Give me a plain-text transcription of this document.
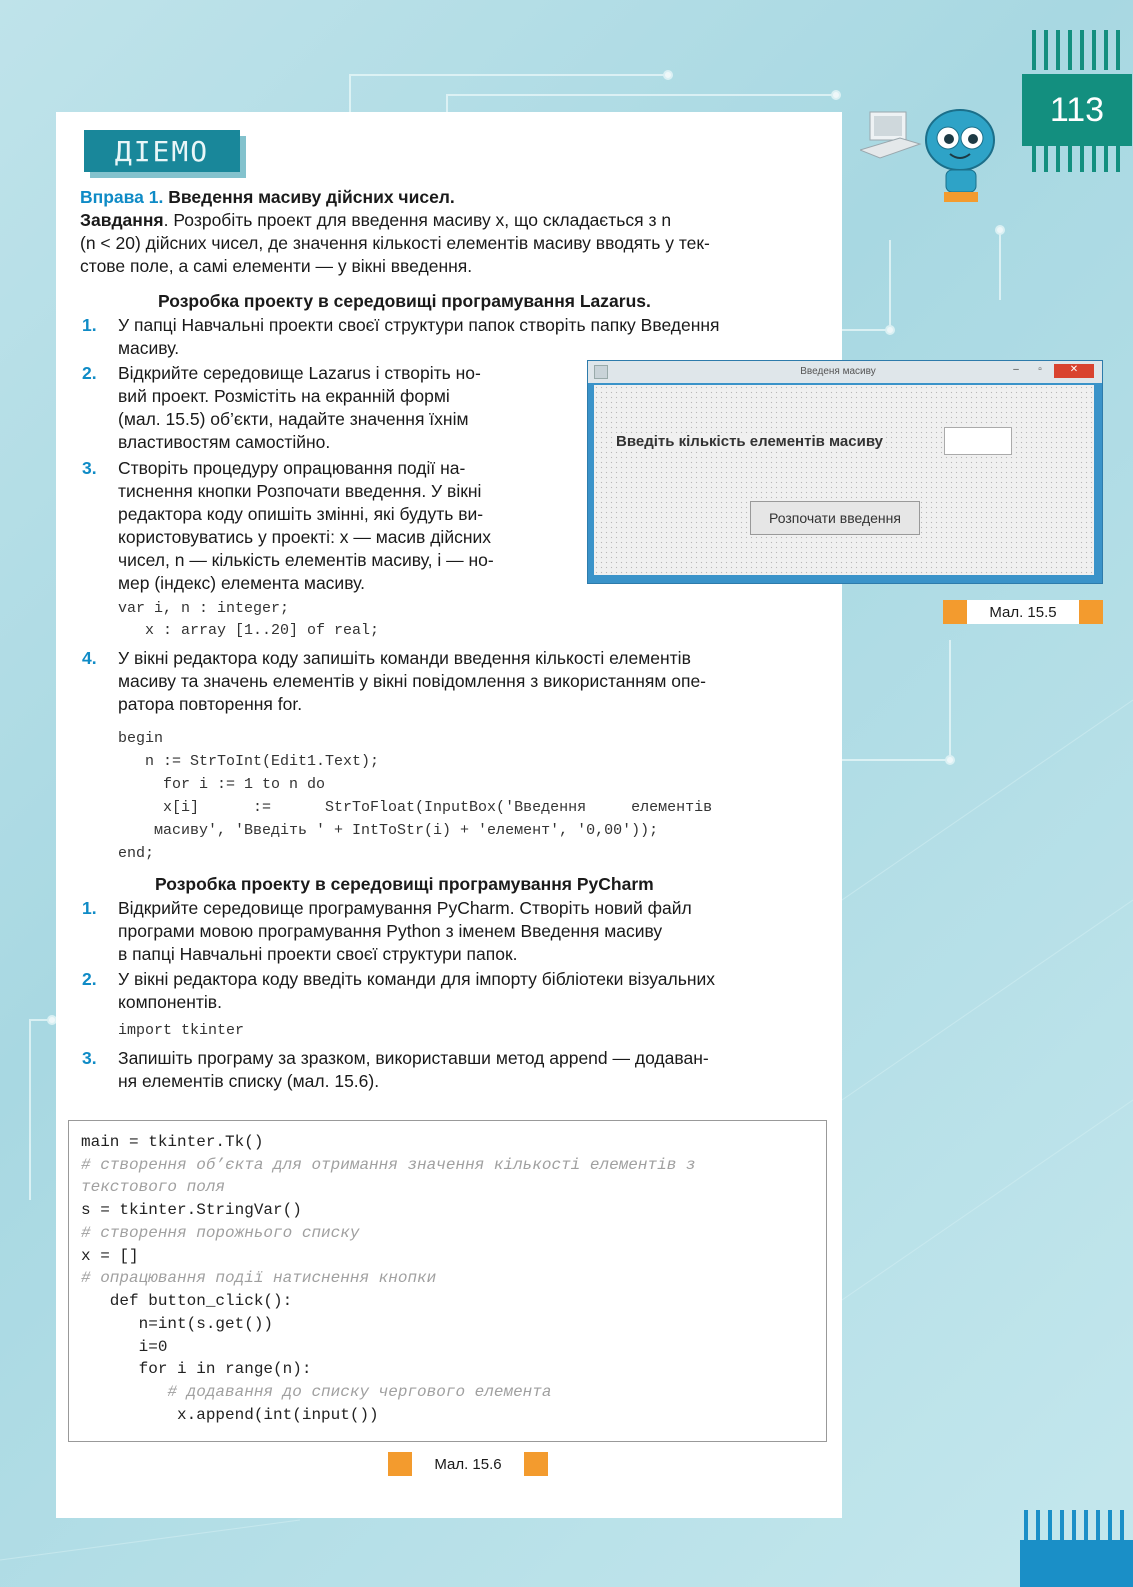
113
ДІЕМО
Вправа 1. Введення масиву дійсних чисел.
Завдання. Розробіть проект для введення масиву x, що складається з n
(n < 20) дійсних чисел, де значення кількості елементів масиву вводять у тек-
стове поле, а самі елементи — у вікні введення.
Розробка проекту в середовищі програмування Lazarus.
1. У папці Навчальні проекти своєї структури папок створіть папку Введення
масиву.
2. Відкрийте середовище Lazarus і створіть но-
вий проект. Розмістіть на екранній формі
(мал. 15.5) об’єкти, надайте значення їхнім
властивостям самостійно.
3. Створіть процедуру опрацювання події на-
тиснення кнопки Розпочати введення. У вікні
редактора коду опишіть змінні, які будуть ви-
користовуватись у проекті: x — масив дійсних
чисел, n — кількість елементів масиву, i — но-
мер (індекс) елемента масиву.
var i, n : integer;
x : array [1..20] of real;
4. У вікні редактора коду запишіть команди введення кількості елементів
масиву та значень елементів у вікні повідомлення з використанням опе-
ратора повторення for.
begin
n := StrToInt(Edit1.Text);
for i := 1 to n do
x[i]      :=      StrToFloat(InputBox('Введення     елементів
масиву', 'Введіть ' + IntToStr(i) + 'елемент', '0,00'));
end;
Введеня масиву	–	▫	✕
Введіть кількість елементів масиву
Розпочати введення
Мал. 15.5
Розробка проекту в середовищі програмування PyCharm
1. Відкрийте середовище програмування PyCharm. Створіть новий файл
програми мовою програмування Python з іменем Введення масиву
в папці Навчальні проекти своєї структури папок.
2. У вікні редактора коду введіть команди для імпорту бібліотеки візуальних
компонентів.
import tkinter
3. Запишіть програму за зразком, використавши метод append — додаван-
ня елементів списку (мал. 15.6).
main = tkinter.Tk()
# створення об’єкта для отримання значення кількості елементів з
текстового поля
s = tkinter.StringVar()
# створення порожнього списку
x = []
# опрацювання події натиснення кнопки
def button_click():
n=int(s.get())
i=0
for i in range(n):
# додавання до списку чергового елемента
x.append(int(input())
Мал. 15.6
